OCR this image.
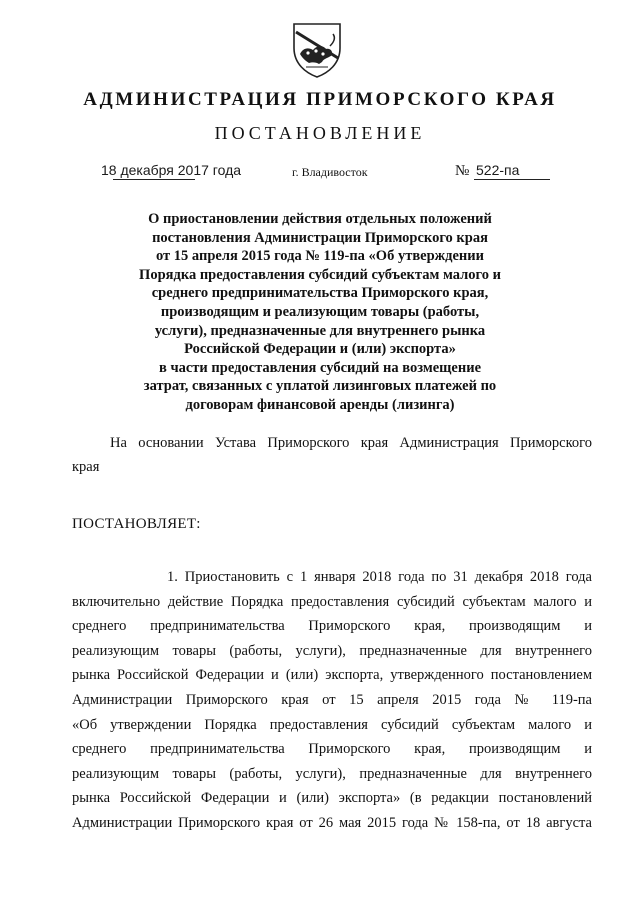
АДМИНИСТРАЦИЯ ПРИМОРСКОГО КРАЯ
ПОСТАНОВЛЕНИЕ
18 декабря 2017 года	г. Владивосток	№ 522-па
О приостановлении действия отдельных положений
постановления Администрации Приморского края
от 15 апреля 2015 года № 119-па «Об утверждении
Порядка предоставления субсидий субъектам малого и
среднего предпринимательства Приморского края,
производящим и реализующим товары (работы,
услуги), предназначенные для внутреннего рынка
Российской Федерации и (или) экспорта»
в части предоставления субсидий на возмещение
затрат, связанных с уплатой лизинговых платежей по
договорам финансовой аренды (лизинга)
На основании Устава Приморского края Администрация Приморского
края
ПОСТАНОВЛЯЕТ:
1. Приостановить с 1 января 2018 года по 31 декабря 2018 года
включительно действие Порядка предоставления субсидий субъектам малого и
среднего предпринимательства Приморского края, производящим и
реализующим товары (работы, услуги), предназначенные для внутреннего
рынка Российской Федерации и (или) экспорта, утвержденного постановлением
Администрации Приморского края от 15 апреля 2015 года № 119-па
«Об утверждении Порядка предоставления субсидий субъектам малого и
среднего предпринимательства Приморского края, производящим и
реализующим товары (работы, услуги), предназначенные для внутреннего
рынка Российской Федерации и (или) экспорта» (в редакции постановлений
Администрации Приморского края от 26 мая 2015 года № 158-па, от 18 августа
